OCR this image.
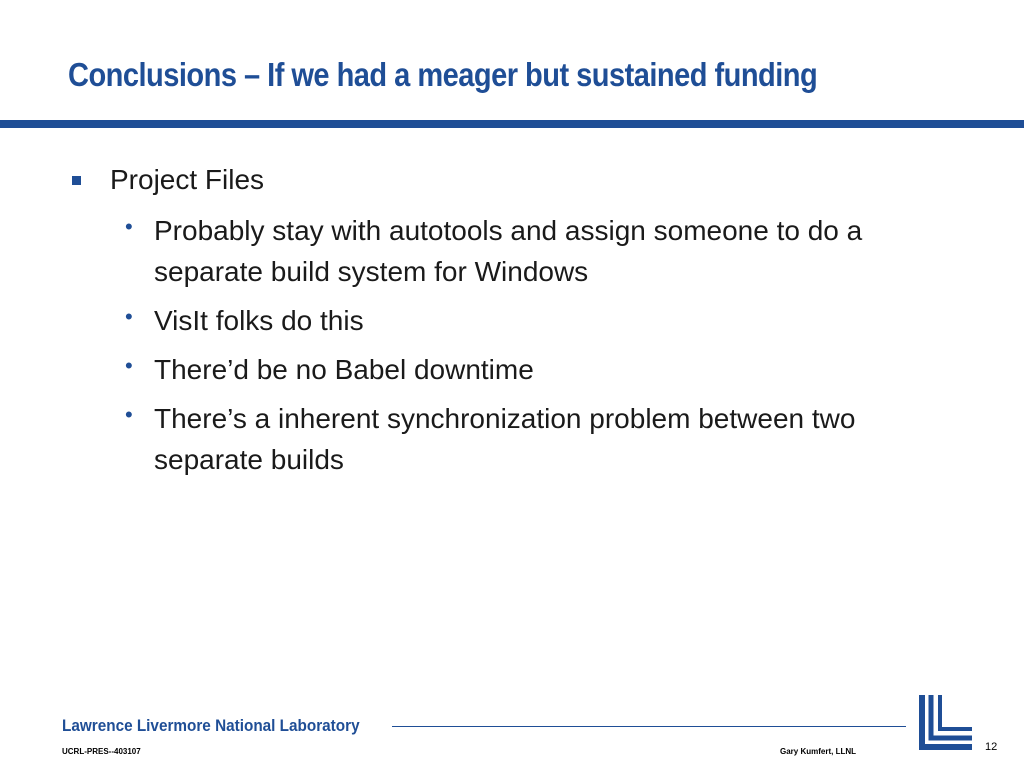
Conclusions – If we had a meager but sustained funding
Project Files
• Probably stay with autotools and assign someone to do a separate build system for Windows
• VisIt folks do this
• There’d be no Babel downtime
• There’s a inherent synchronization problem between two separate builds
Lawrence Livermore National Laboratory
UCRL-PRES--403107	Gary Kumfert, LLNL	12
